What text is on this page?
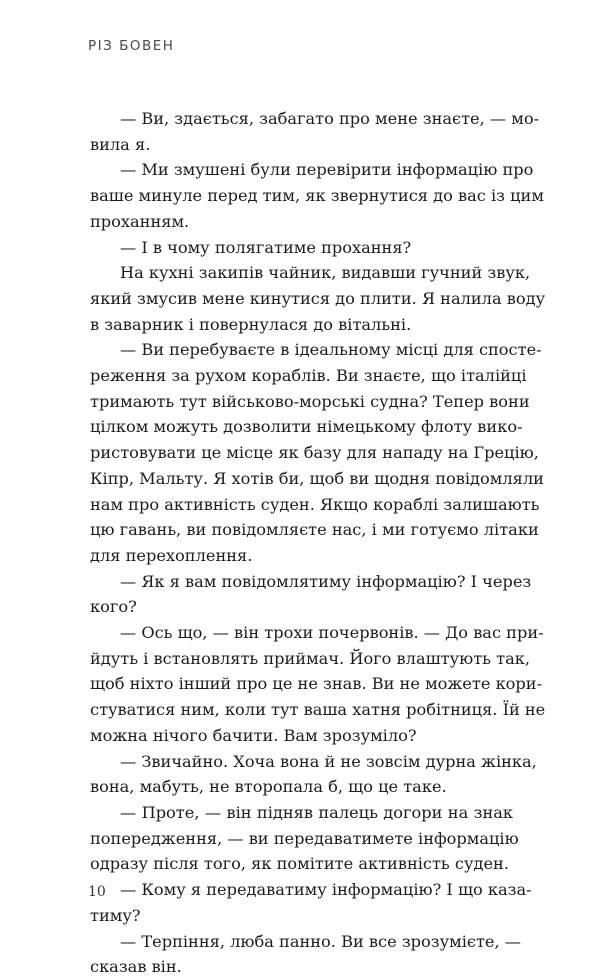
РІЗ БОВЕН
— Ви, здається, забагато про мене знаєте, — мо-
вила я.
— Ми змушені були перевірити інформацію про
ваше минуле перед тим, як звернутися до вас із цим
проханням.
— І в чому полягатиме прохання?
На кухні закипів чайник, видавши гучний звук,
який змусив мене кинутися до плити. Я налила воду
в заварник і повернулася до вітальні.
— Ви перебуваєте в ідеальному місці для спосте-
реження за рухом кораблів. Ви знаєте, що італійці
тримають тут військово-морські судна? Тепер вони
цілком можуть дозволити німецькому флоту вико-
ристовувати це місце як базу для нападу на Грецію,
Кіпр, Мальту. Я хотів би, щоб ви щодня повідомляли
нам про активність суден. Якщо кораблі залишають
цю гавань, ви повідомляєте нас, і ми готуємо літаки
для перехоплення.
— Як я вам повідомлятиму інформацію? І через
кого?
— Ось що, — він трохи почервонів. — До вас при-
йдуть і встановлять приймач. Його влаштують так,
щоб ніхто інший про це не знав. Ви не можете кори-
стуватися ним, коли тут ваша хатня робітниця. Їй не
можна нічого бачити. Вам зрозуміло?
— Звичайно. Хоча вона й не зовсім дурна жінка,
вона, мабуть, не второпала б, що це таке.
— Проте, — він підняв палець догори на знак
попередження, — ви передаватимете інформацію
одразу після того, як помітите активність суден.
— Кому я передаватиму інформацію? І що каза-
тиму?
— Терпіння, люба панно. Ви все зрозумієте, —
сказав він.
10
